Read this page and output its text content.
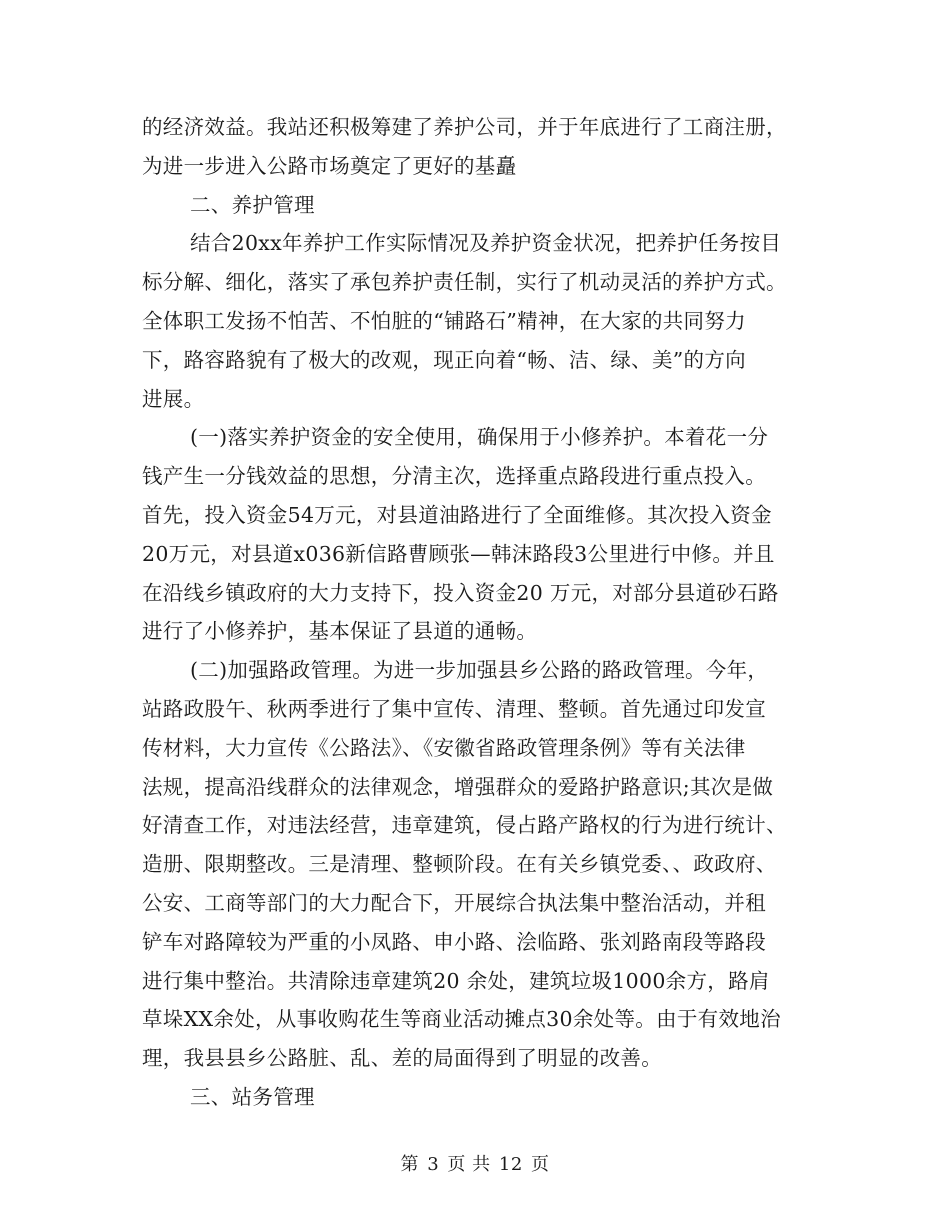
的经济效益。我站还积极筹建了养护公司，并于年底进行了工商注册，
为进一步进入公路市场奠定了更好的基矗
二、养护管理
结合20xx年养护工作实际情况及养护资金状况，把养护任务按目
标分解、细化，落实了承包养护责任制，实行了机动灵活的养护方式。
全体职工发扬不怕苦、不怕脏的“铺路石”精神，在大家的共同努力
下，路容路貌有了极大的改观，现正向着“畅、洁、绿、美”的方向
进展。
(一)落实养护资金的安全使用，确保用于小修养护。本着花一分
钱产生一分钱效益的思想，分清主次，选择重点路段进行重点投入。
首先，投入资金54万元，对县道油路进行了全面维修。其次投入资金
20万元，对县道x036新信路曹顾张—韩沫路段3公里进行中修。并且
在沿线乡镇政府的大力支持下，投入资金20 万元，对部分县道砂石路
进行了小修养护，基本保证了县道的通畅。
(二)加强路政管理。为进一步加强县乡公路的路政管理。今年，
站路政股午、秋两季进行了集中宣传、清理、整顿。首先通过印发宣
传材料，大力宣传《公路法》、《安徽省路政管理条例》等有关法律
法规，提高沿线群众的法律观念，增强群众的爱路护路意识;其次是做
好清查工作，对违法经营，违章建筑，侵占路产路权的行为进行统计、
造册、限期整改。三是清理、整顿阶段。在有关乡镇党委、、政政府、
公安、工商等部门的大力配合下，开展综合执法集中整治活动，并租
铲车对路障较为严重的小凤路、申小路、浍临路、张刘路南段等路段
进行集中整治。共清除违章建筑20 余处，建筑垃圾1000余方，路肩
草垛XX余处，从事收购花生等商业活动摊点30余处等。由于有效地治
理，我县县乡公路脏、乱、差的局面得到了明显的改善。
三、站务管理
第 3 页 共 12 页
